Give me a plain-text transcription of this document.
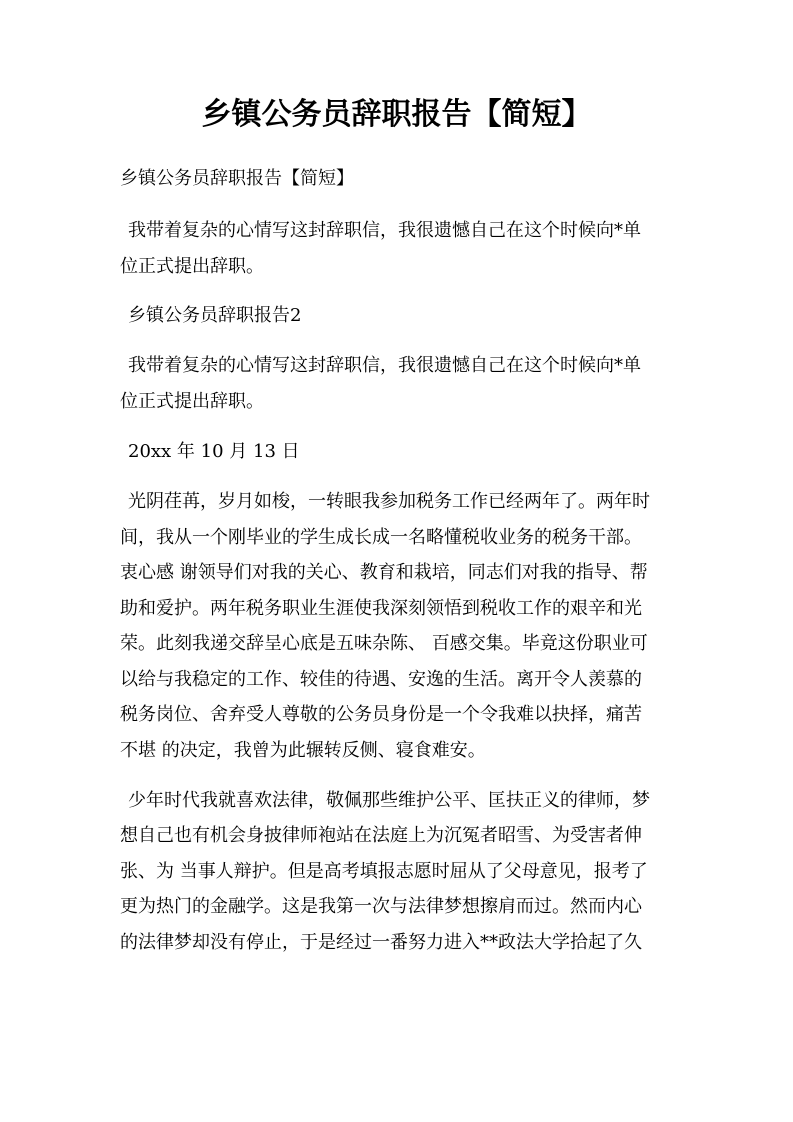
乡镇公务员辞职报告【简短】

乡镇公务员辞职报告【简短】

我带着复杂的心情写这封辞职信，我很遗憾自己在这个时候向*单

位正式提出辞职。

乡镇公务员辞职报告2

我带着复杂的心情写这封辞职信，我很遗憾自己在这个时候向*单

位正式提出辞职。

20xx 年 10 月 13 日

光阴荏苒，岁月如梭，一转眼我参加税务工作已经两年了。两年时

间，我从一个刚毕业的学生成长成一名略懂税收业务的税务干部。

衷心感 谢领导们对我的关心、教育和栽培，同志们对我的指导、帮

助和爱护。两年税务职业生涯使我深刻领悟到税收工作的艰辛和光

荣。此刻我递交辞呈心底是五味杂陈、 百感交集。毕竟这份职业可

以给与我稳定的工作、较佳的待遇、安逸的生活。离开令人羡慕的

税务岗位、舍弃受人尊敬的公务员身份是一个令我难以抉择，痛苦

不堪 的决定，我曾为此辗转反侧、寝食难安。

少年时代我就喜欢法律，敬佩那些维护公平、匡扶正义的律师，梦

想自己也有机会身披律师袍站在法庭上为沉冤者昭雪、为受害者伸

张、为 当事人辩护。但是高考填报志愿时屈从了父母意见，报考了

更为热门的金融学。这是我第一次与法律梦想擦肩而过。然而内心

的法律梦却没有停止，于是经过一番努力进入**政法大学拾起了久
